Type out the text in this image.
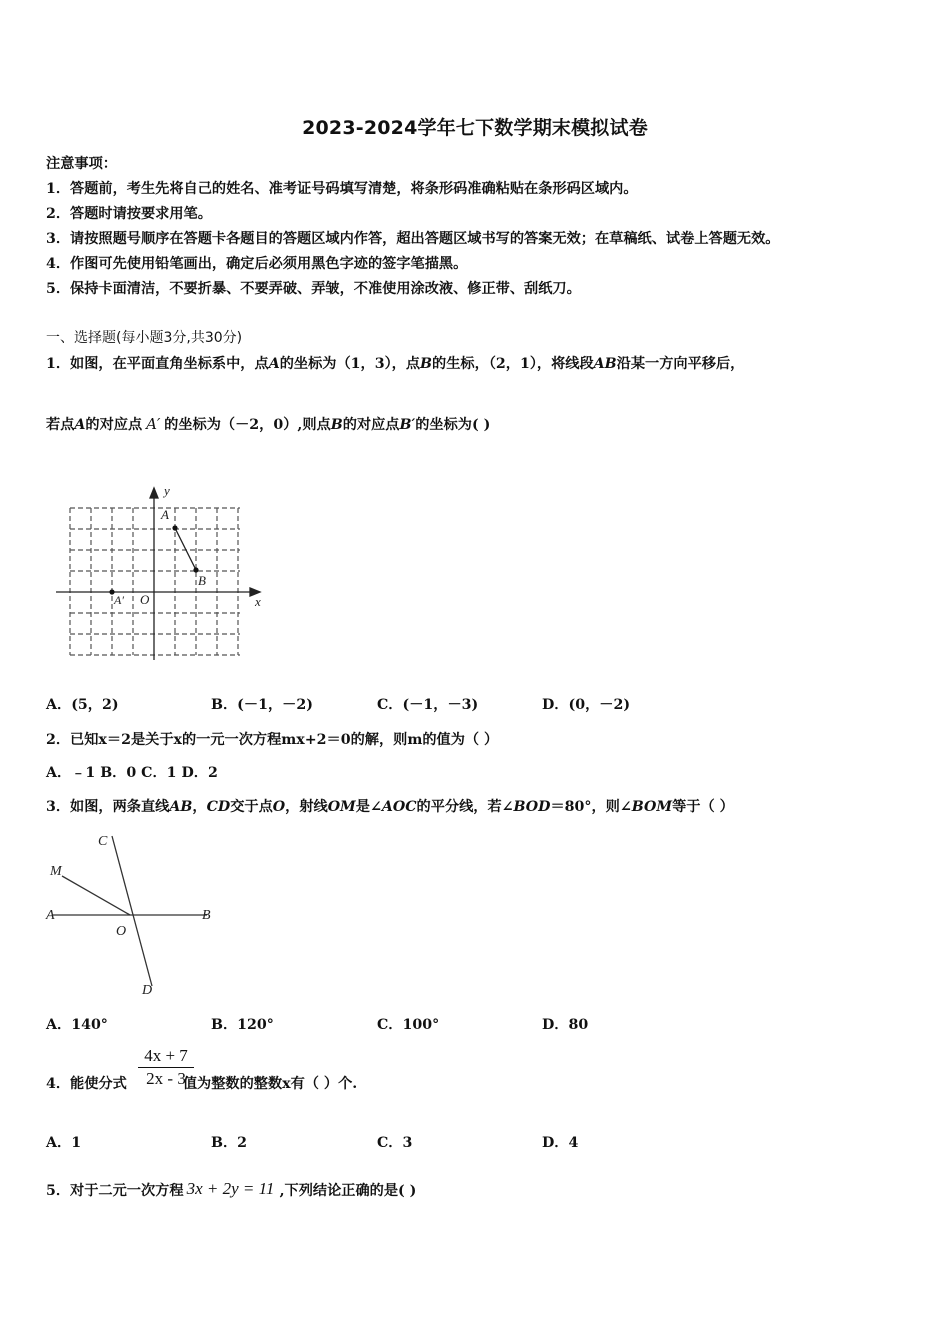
2023-2024学年七下数学期末模拟试卷
注意事项：
1．答题前，考生先将自己的姓名、准考证号码填写清楚，将条形码准确粘贴在条形码区域内。
2．答题时请按要求用笔。
3．请按照题号顺序在答题卡各题目的答题区域内作答，超出答题区域书写的答案无效；在草稿纸、试卷上答题无效。
4．作图可先使用铅笔画出，确定后必须用黑色字迹的签字笔描黑。
5．保持卡面清洁，不要折暴、不要弄破、弄皱，不准使用涂改液、修正带、刮纸刀。
一、选择题(每小题3分,共30分)
1．如图，在平面直角坐标系中，点A的坐标为（1，3），点B的生标，（2，1），将线段AB沿某一方向平移后，
若点A的对应点 A′ 的坐标为（－2，0）,则点B的对应点B′的坐标为( )
y
x
A
B
O
A′
A．(5，2)	B．(－1，－2)	C．(－1，－3)	D．(0，－2)
2．已知x＝2是关于x的一元一次方程mx+2＝0的解，则m的值为（ ）
A．﹣1 B．0 C．1 D．2
3．如图，两条直线AB，CD交于点O，射线OM是∠AOC的平分线，若∠BOD＝80°，则∠BOM等于（ ）
C
M
A	B
O
D
A．140°	B．120°	C．100°	D．80
4．能使分式	值为整数的整数x有（ ）个.
4x + 7
2x - 3
A．1	B．2	C．3	D．4
5．对于二元一次方程 3x + 2y = 11 ,下列结论正确的是( )
